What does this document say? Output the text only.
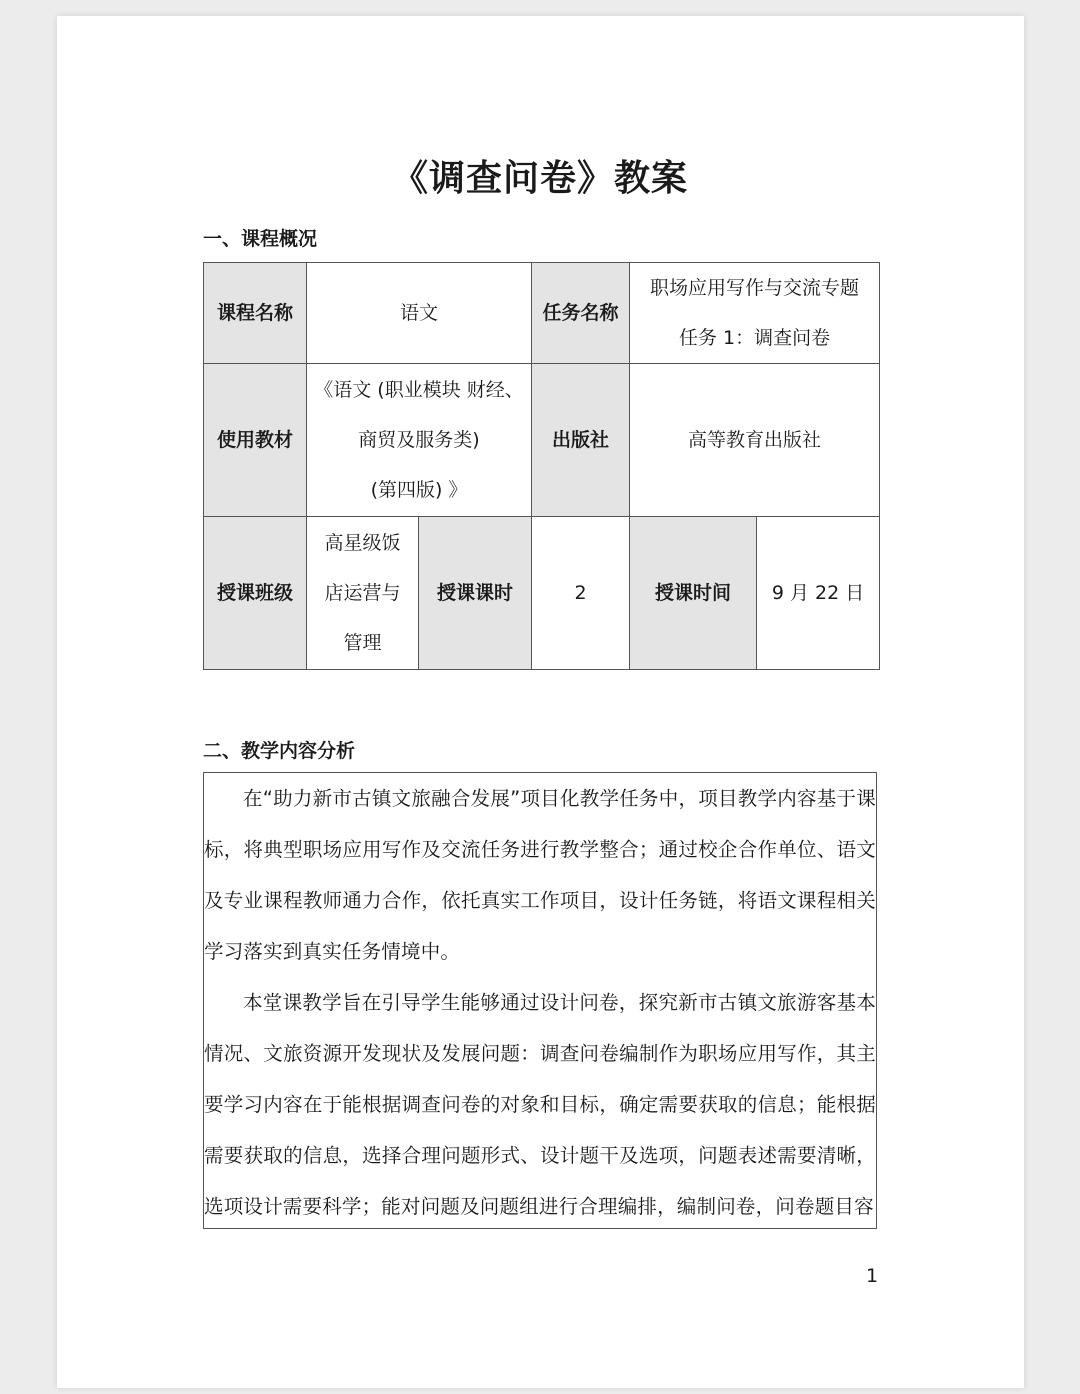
《调查问卷》教案
一、课程概况
课程名称	语文		任务名称	职场应用写作与交流专题
任务 1：调查问卷	

使用教材	《语文 (职业模块 财经、
商贸及服务类)
(第四版) 》		出版社	高等教育出版社	
授课班级	高星级饭
店运营与
管理	授课课时	2	授课时间	9 月 22 日
二、教学内容分析

在“助力新市古镇文旅融合发展”项目化教学任务中，项目教学内容基于课标，将典型职场应用写作及交流任务进行教学整合；通过校企合作单位、语文及专业课程教师通力合作，依托真实工作项目，设计任务链，将语文课程相关学习落实到真实任务情境中。

本堂课教学旨在引导学生能够通过设计问卷，探究新市古镇文旅游客基本情况、文旅资源开发现状及发展问题：调查问卷编制作为职场应用写作，其主要学习内容在于能根据调查问卷的对象和目标，确定需要获取的信息；能根据需要获取的信息，选择合理问题形式、设计题干及选项，问题表述需要清晰，选项设计需要科学；能对问题及问题组进行合理编排，编制问卷，问卷题目容

1
